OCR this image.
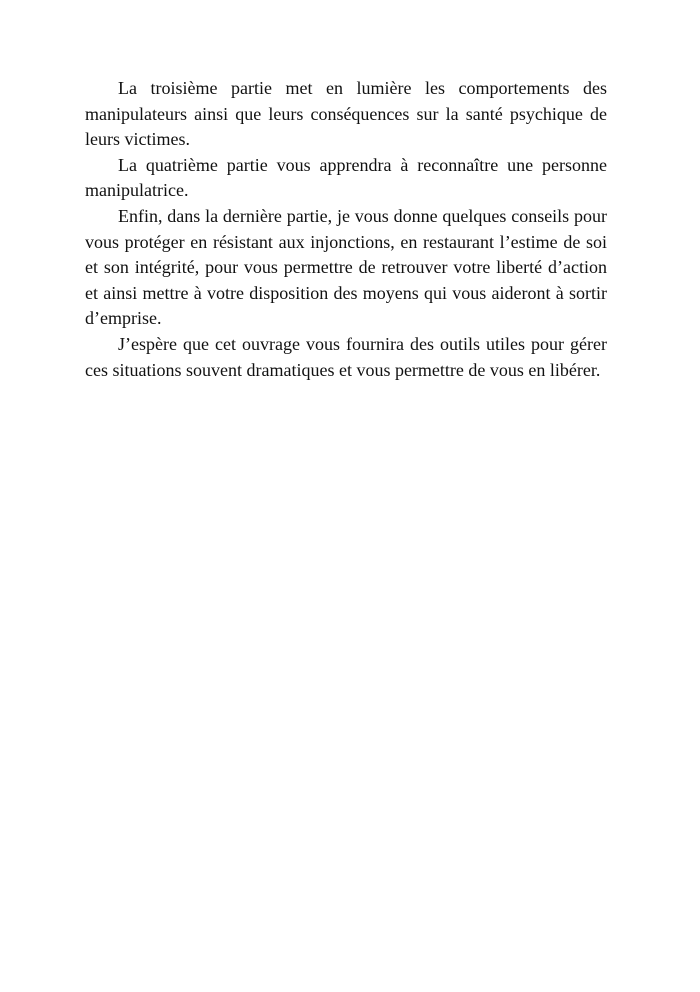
La troisième partie met en lumière les comportements des manipulateurs ainsi que leurs conséquences sur la santé psychique de leurs victimes.

La quatrième partie vous apprendra à reconnaître une personne manipulatrice.

Enfin, dans la dernière partie, je vous donne quelques conseils pour vous protéger en résistant aux injonctions, en restaurant l’estime de soi et son intégrité, pour vous permettre de retrouver votre liberté d’action et ainsi mettre à votre disposition des moyens qui vous aideront à sortir d’emprise.

J’espère que cet ouvrage vous fournira des outils utiles pour gérer ces situations souvent dramatiques et vous permettre de vous en libérer.
